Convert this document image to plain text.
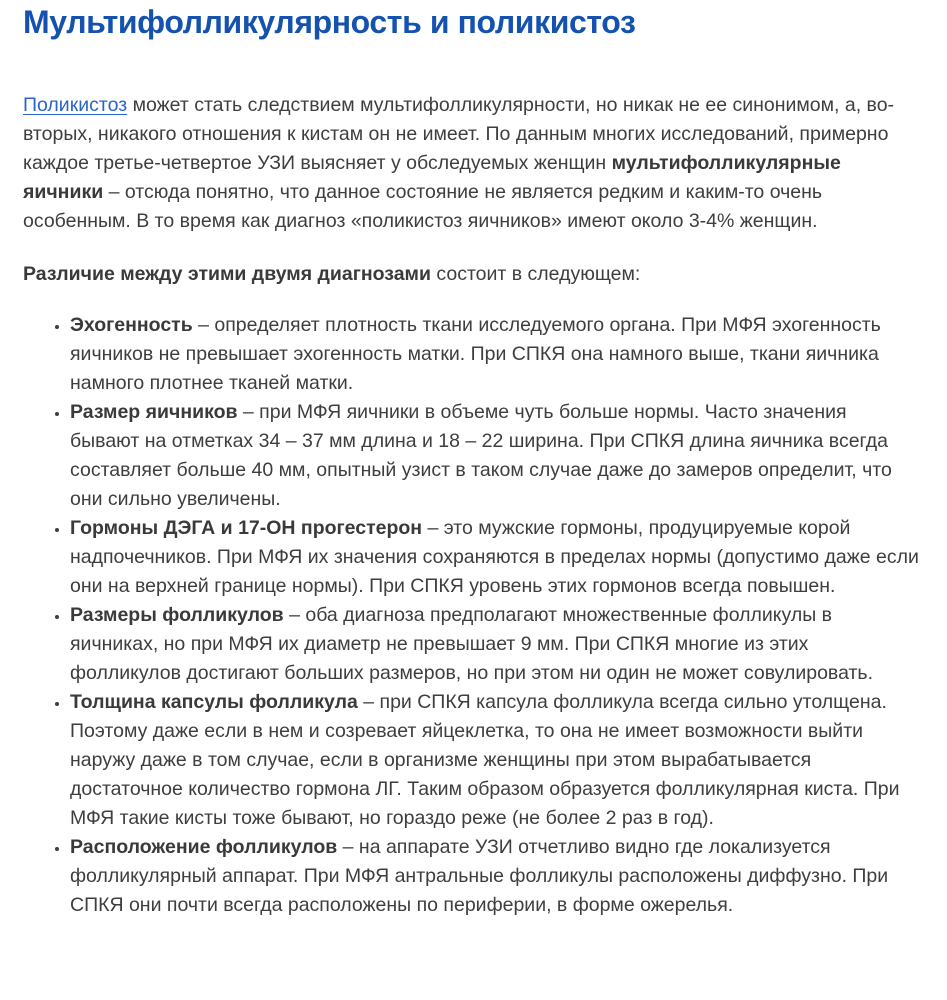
Мультифолликулярность и поликистоз

Поликистоз может стать следствием мультифолликулярности, но никак не ее синонимом, а, во-вторых, никакого отношения к кистам он не имеет. По данным многих исследований, примерно каждое третье-четвертое УЗИ выясняет у обследуемых женщин мультифолликулярные яичники – отсюда понятно, что данное состояние не является редким и каким-то очень особенным. В то время как диагноз «поликистоз яичников» имеют около 3-4% женщин.

Различие между этими двумя диагнозами состоит в следующем:

• Эхогенность – определяет плотность ткани исследуемого органа. При МФЯ эхогенность яичников не превышает эхогенность матки. При СПКЯ она намного выше, ткани яичника намного плотнее тканей матки.
• Размер яичников – при МФЯ яичники в объеме чуть больше нормы. Часто значения бывают на отметках 34 – 37 мм длина и 18 – 22 ширина. При СПКЯ длина яичника всегда составляет больше 40 мм, опытный узист в таком случае даже до замеров определит, что они сильно увеличены.
• Гормоны ДЭГА и 17-ОН прогестерон – это мужские гормоны, продуцируемые корой надпочечников. При МФЯ их значения сохраняются в пределах нормы (допустимо даже если они на верхней границе нормы). При СПКЯ уровень этих гормонов всегда повышен.
• Размеры фолликулов – оба диагноза предполагают множественные фолликулы в яичниках, но при МФЯ их диаметр не превышает 9 мм. При СПКЯ многие из этих фолликулов достигают больших размеров, но при этом ни один не может совулировать.
• Толщина капсулы фолликула – при СПКЯ капсула фолликула всегда сильно утолщена. Поэтому даже если в нем и созревает яйцеклетка, то она не имеет возможности выйти наружу даже в том случае, если в организме женщины при этом вырабатывается достаточное количество гормона ЛГ. Таким образом образуется фолликулярная киста. При МФЯ такие кисты тоже бывают, но гораздо реже (не более 2 раз в год).
• Расположение фолликулов – на аппарате УЗИ отчетливо видно где локализуется фолликулярный аппарат. При МФЯ антральные фолликулы расположены диффузно. При СПКЯ они почти всегда расположены по периферии, в форме ожерелья.
